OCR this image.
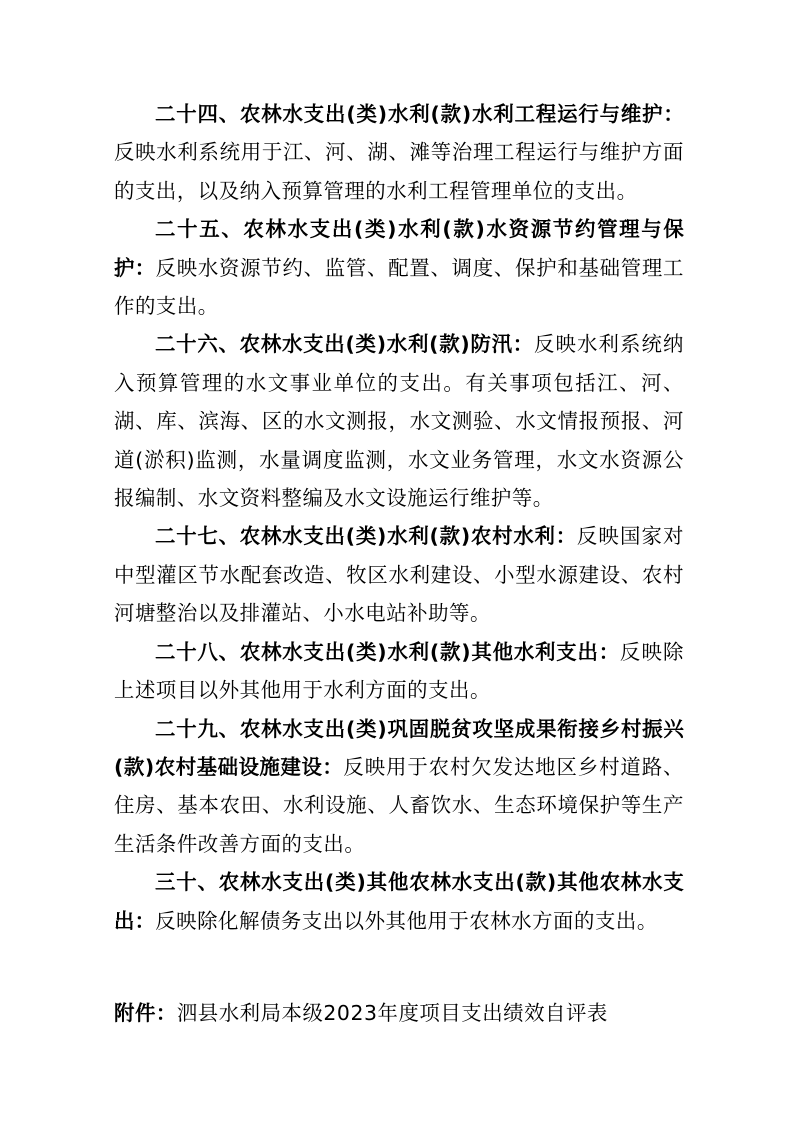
二十四、农林水支出(类)水利(款)水利工程运行与维护：反映水利系统用于江、河、湖、滩等治理工程运行与维护方面的支出，以及纳入预算管理的水利工程管理单位的支出。

二十五、农林水支出(类)水利(款)水资源节约管理与保护：反映水资源节约、监管、配置、调度、保护和基础管理工作的支出。

二十六、农林水支出(类)水利(款)防汛：反映水利系统纳入预算管理的水文事业单位的支出。有关事项包括江、河、湖、库、滨海、区的水文测报，水文测验、水文情报预报、河道(淤积)监测，水量调度监测，水文业务管理，水文水资源公报编制、水文资料整编及水文设施运行维护等。

二十七、农林水支出(类)水利(款)农村水利：反映国家对中型灌区节水配套改造、牧区水利建设、小型水源建设、农村河塘整治以及排灌站、小水电站补助等。

二十八、农林水支出(类)水利(款)其他水利支出：反映除上述项目以外其他用于水利方面的支出。

二十九、农林水支出(类)巩固脱贫攻坚成果衔接乡村振兴(款)农村基础设施建设：反映用于农村欠发达地区乡村道路、住房、基本农田、水利设施、人畜饮水、生态环境保护等生产生活条件改善方面的支出。

三十、农林水支出(类)其他农林水支出(款)其他农林水支出：反映除化解债务支出以外其他用于农林水方面的支出。

附件：泗县水利局本级2023年度项目支出绩效自评表
